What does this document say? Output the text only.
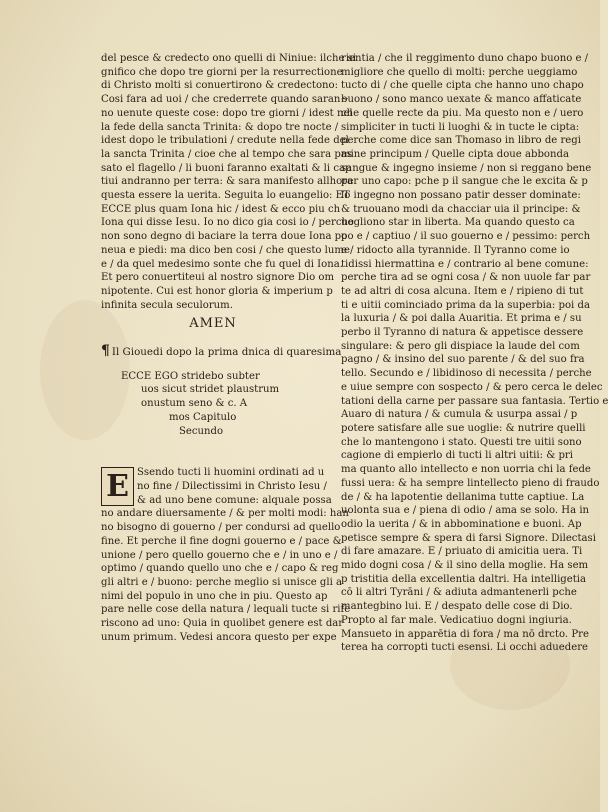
del pesce & credecto ono quelli di Niniue: ilche si
gnifico che dopo tre giorni per la resurrectione
di Christo molti si conuertirono & credectono:
Cosi fara ad uoi / che crederrete quando saran~
no uenute queste cose: dopo tre giorni / idest nel
la fede della sancta Trinita: & dopo tre nocte /
idest dopo le tribulationi / credute nella fede del
la sancta Trinita / cioe che al tempo che sara pas
sato el flagello / li buoni faranno exaltati & li cap
tiui andranno per terra: & sara manifesto allhora
questa essere la uerita. Seguita lo euangelio: ET
ECCE plus quam Iona hic / idest & ecco piu ch
Iona qui disse Iesu. Io no dico gia cosi io / perche
non sono degno di baciare la terra doue Iona po
neua e piedi: ma dico ben cosi / che questo lume
e / da quel medesimo sonte che fu quel di Iona.
Et pero conuertiteui al nostro signore Dio om
nipotente. Cui est honor gloria & imperium p
infinita secula seculorum.
AMEN
¶ Il Giouedi dopo la prima dnica di quaresima
ECCE EGO stridebo subter
uos sicut stridet plaustrum
onustum seno & c. A
mos Capitulo
Secundo
E Ssendo tucti li huomini ordinati ad u
no fine / Dilectissimi in Christo Iesu /
& ad uno bene comune: alquale possa
no andare diuersamente / & per molti modi: han
no bisogno di gouerno / per condursi ad quello
fine. Et perche il fine dogni gouerno e / pace &
unione / pero quello gouerno che e / in uno e /
optimo / quando quello uno che e / capo & reg
gli altri e / buono: perche meglio si unisce gli a
nimi del populo in uno che in piu. Questo ap
pare nelle cose della natura / lequali tucte si rife
riscono ad uno: Quia in quolibet genere est dar
unum primum. Vedesi ancora questo per expe
rientia / che il reggimento duno chapo buono e /
migliore che quello di molti: perche ueggiamo
tucto di / che quelle cipta che hanno uno chapo
buono / sono manco uexate & manco affaticate
che quelle recte da piu. Ma questo non e / uero
simpliciter in tucti li luoghi & in tucte le cipta:
perche come dice san Thomaso in libro de regi
mine principum / Quelle cipta doue abbonda
sangue & ingegno insieme / non si reggano bene
per uno capo: pche p il sangue che le excita & p
lo ingegno non possano patir desser dominate:
& truouano modi da chacciar uia il principe: &
uogliono star in liberta. Ma quando questo ca
po e / captiuo / il suo gouerno e / pessimo: perch
e / ridocto alla tyrannide. Il Tyranno come io
tidissi hiermattina e / contrario al bene comune:
perche tira ad se ogni cosa / & non uuole far par
te ad altri di cosa alcuna. Item e / ripieno di tut
ti e uitii cominciado prima da la superbia: poi da
la luxuria / & poi dalla Auaritia. Et prima e / su
perbo il Tyranno di natura & appetisce dessere
singulare: & pero gli dispiace la laude del com
pagno / & insino del suo parente / & del suo fra
tello. Secundo e / libidinoso di necessita / perche
e uiue sempre con sospecto / & pero cerca le delec
tationi della carne per passare sua fantasia. Tertio e
Auaro di natura / & cumula & usurpa assai / p
potere satisfare alle sue uoglie: & nutrire quelli
che lo mantengono i stato. Questi tre uitii sono
cagione di empierlo di tucti li altri uitii: & pri
ma quanto allo intellecto e non uorria chi la fede
fussi uera: & ha sempre lintellecto pieno di fraudo
de / & ha lapotentie dellanima tutte captiue. La
uolonta sua e / piena di odio / ama se solo. Ha in
odio la uerita / & in abbominatione e buoni. Ap
petisce sempre & spera di farsi Signore. Dilectasi
di fare amazare. E / priuato di amicitia uera. Ti
mido dogni cosa / & il sino della moglie. Ha sem
p tristitia della excellentia daltri. Ha intelligetia
cō li altri Tyrāni / & adiuta admantenerli pche
mantegbino lui. E / despato delle cose di Dio.
Propto al far male. Vedicatiuo dogni ingiuria.
Mansueto in apparētia di fora / ma nō drcto. Pre
terea ha corropti tucti esensi. Li occhi aduedere
